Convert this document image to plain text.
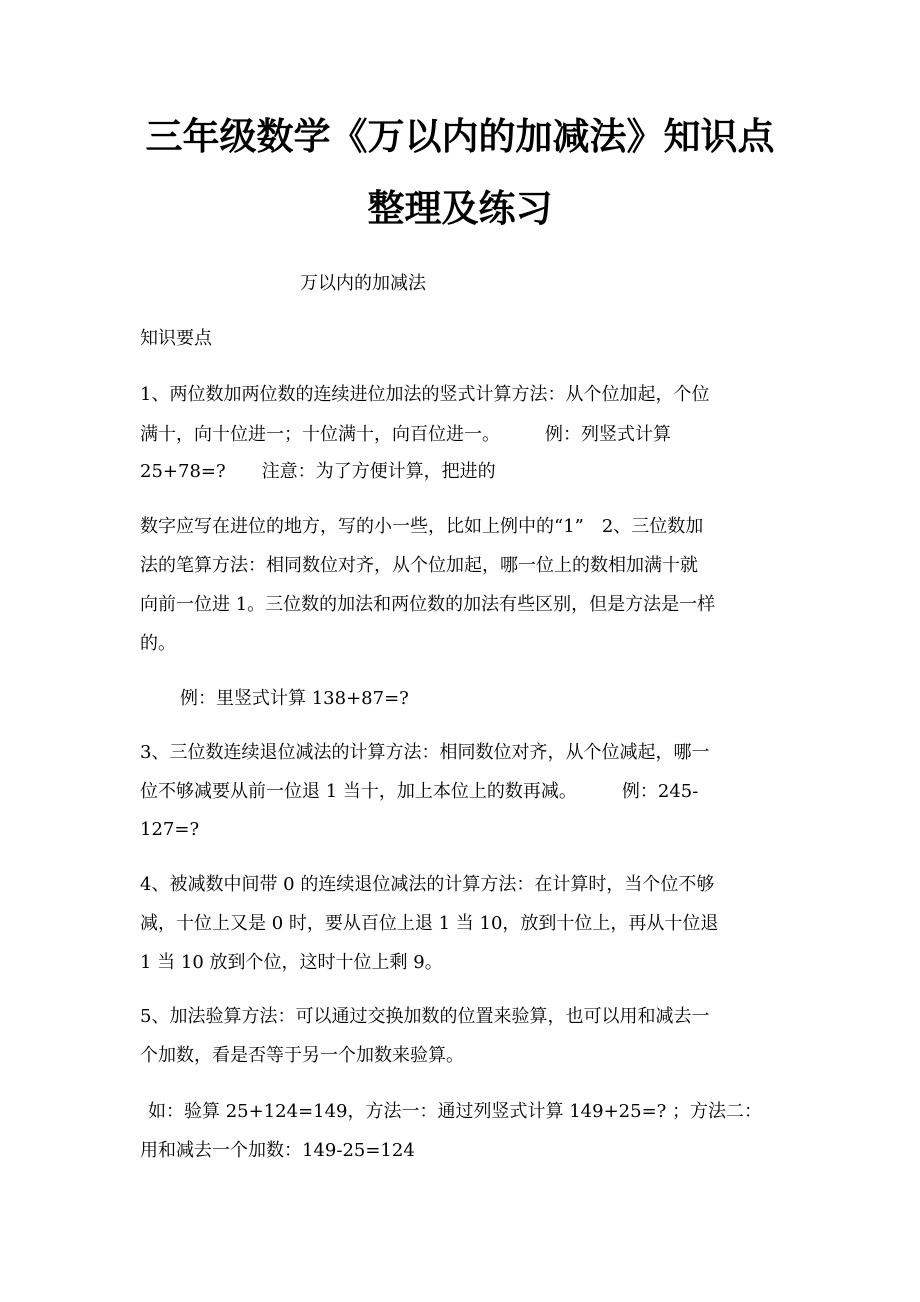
三年级数学《万以内的加减法》知识点
整理及练习
万以内的加减法
知识要点
1、两位数加两位数的连续进位加法的竖式计算方法：从个位加起，个位
满十，向十位进一；十位满十，向百位进一。　　　例：列竖式计算
25+78=?　　注意：为了方便计算，把进的
数字应写在进位的地方，写的小一些，比如上例中的“1”　2、三位数加
法的笔算方法：相同数位对齐，从个位加起，哪一位上的数相加满十就
向前一位进 1。三位数的加法和两位数的加法有些区别，但是方法是一样
的。
例：里竖式计算 138+87=?
3、三位数连续退位减法的计算方法：相同数位对齐，从个位减起，哪一
位不够减要从前一位退 1 当十，加上本位上的数再减。　　　例：245-
127=?
4、被减数中间带 0 的连续退位减法的计算方法：在计算时，当个位不够
减，十位上又是 0 时，要从百位上退 1 当 10，放到十位上，再从十位退
1 当 10 放到个位，这时十位上剩 9。
5、加法验算方法：可以通过交换加数的位置来验算，也可以用和减去一
个加数，看是否等于另一个加数来验算。
如：验算 25+124=149，方法一：通过列竖式计算 149+25=? ；方法二：
用和减去一个加数：149-25=124
